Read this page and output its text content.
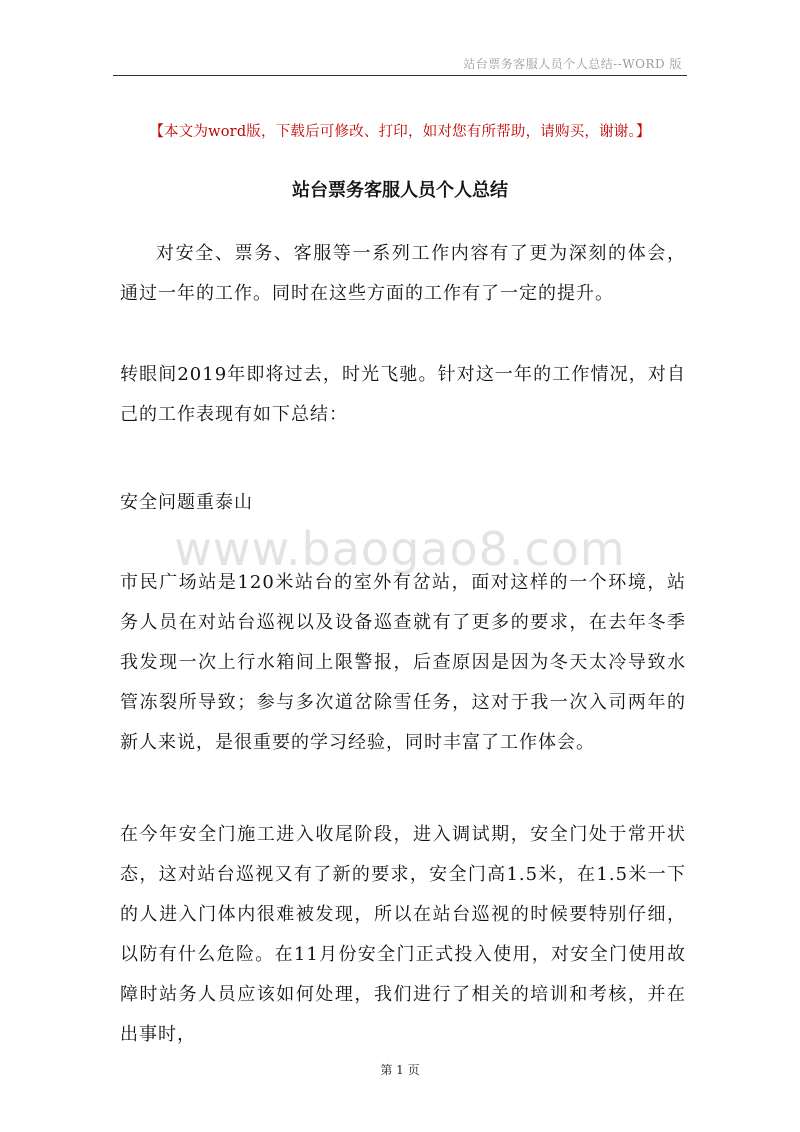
站台票务客服人员个人总结--WORD 版
【本文为word版，下载后可修改、打印，如对您有所帮助，请购买，谢谢。】
站台票务客服人员个人总结

对安全、票务、客服等一系列工作内容有了更为深刻的体会，通过一年的工作。同时在这些方面的工作有了一定的提升。

转眼间2019年即将过去，时光飞驰。针对这一年的工作情况，对自己的工作表现有如下总结：

安全问题重泰山

www.baogao8.com

市民广场站是120米站台的室外有岔站，面对这样的一个环境，站务人员在对站台巡视以及设备巡查就有了更多的要求，在去年冬季我发现一次上行水箱间上限警报，后查原因是因为冬天太冷导致水管冻裂所导致；参与多次道岔除雪任务，这对于我一次入司两年的新人来说，是很重要的学习经验，同时丰富了工作体会。

在今年安全门施工进入收尾阶段，进入调试期，安全门处于常开状态，这对站台巡视又有了新的要求，安全门高1.5米，在1.5米一下的人进入门体内很难被发现，所以在站台巡视的时候要特别仔细，以防有什么危险。在11月份安全门正式投入使用，对安全门使用故障时站务人员应该如何处理，我们进行了相关的培训和考核，并在出事时，

第 1 页
